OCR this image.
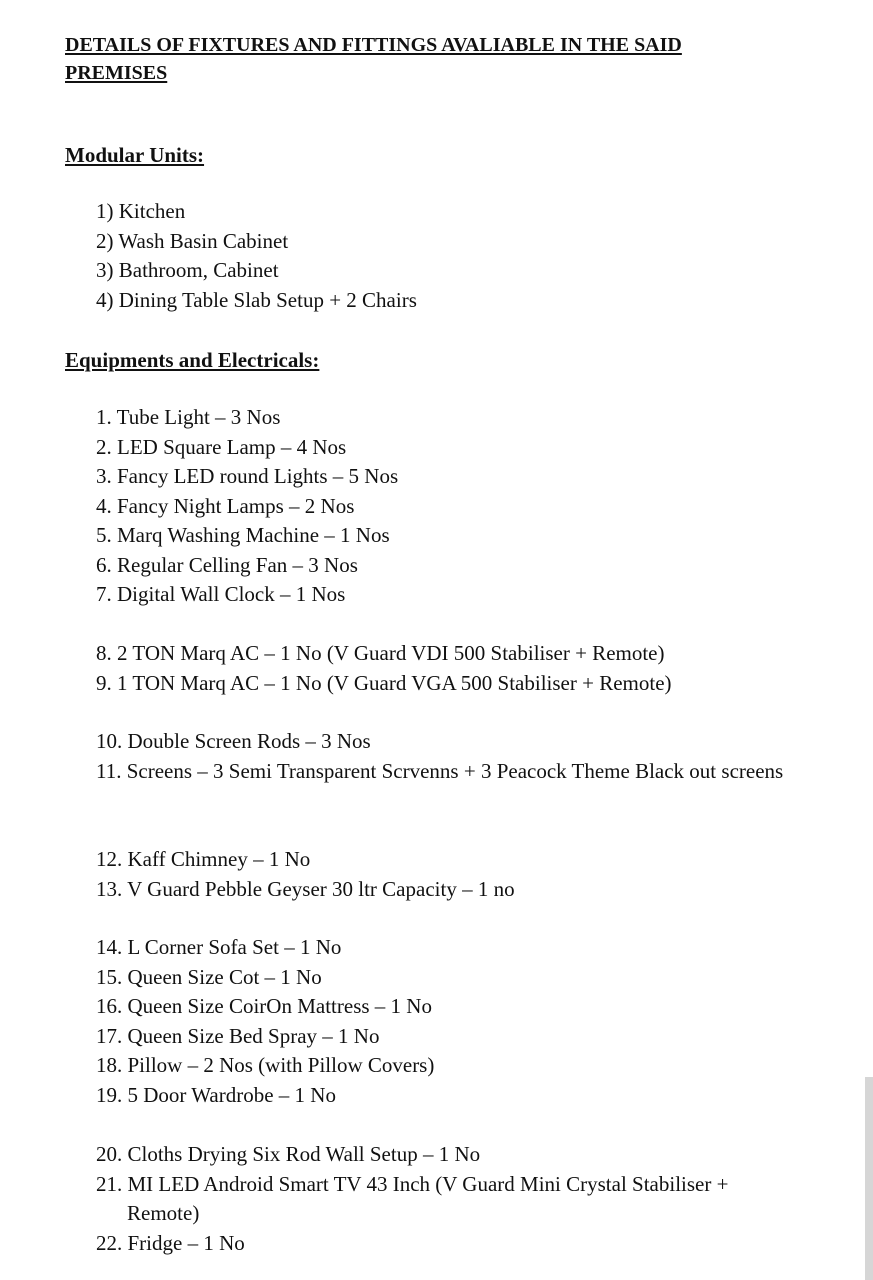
DETAILS OF FIXTURES AND FITTINGS AVALIABLE IN THE SAID PREMISES
Modular Units:
1) Kitchen
2) Wash Basin Cabinet
3) Bathroom, Cabinet
4) Dining Table Slab Setup + 2 Chairs
Equipments and Electricals:
1. Tube Light – 3 Nos
2. LED Square Lamp – 4 Nos
3. Fancy LED round Lights – 5 Nos
4. Fancy Night Lamps – 2 Nos
5. Marq Washing Machine – 1 Nos
6. Regular Celling Fan – 3 Nos
7. Digital Wall Clock – 1 Nos
8. 2 TON Marq AC – 1 No (V Guard VDI 500 Stabiliser + Remote)
9. 1 TON Marq AC – 1 No (V Guard VGA 500 Stabiliser + Remote)
10. Double Screen Rods – 3 Nos
11. Screens – 3 Semi Transparent Scrvenns + 3 Peacock Theme Black out screens
12. Kaff Chimney – 1 No
13. V Guard Pebble Geyser 30 ltr Capacity – 1 no
14. L Corner Sofa Set – 1 No
15. Queen Size Cot – 1 No
16. Queen Size CoirOn Mattress – 1 No
17. Queen Size Bed Spray – 1 No
18. Pillow – 2 Nos (with Pillow Covers)
19. 5 Door Wardrobe – 1 No
20. Cloths Drying Six Rod Wall Setup – 1 No
21. MI LED Android Smart TV 43 Inch (V Guard Mini Crystal Stabiliser + Remote)
22. Fridge – 1 No
